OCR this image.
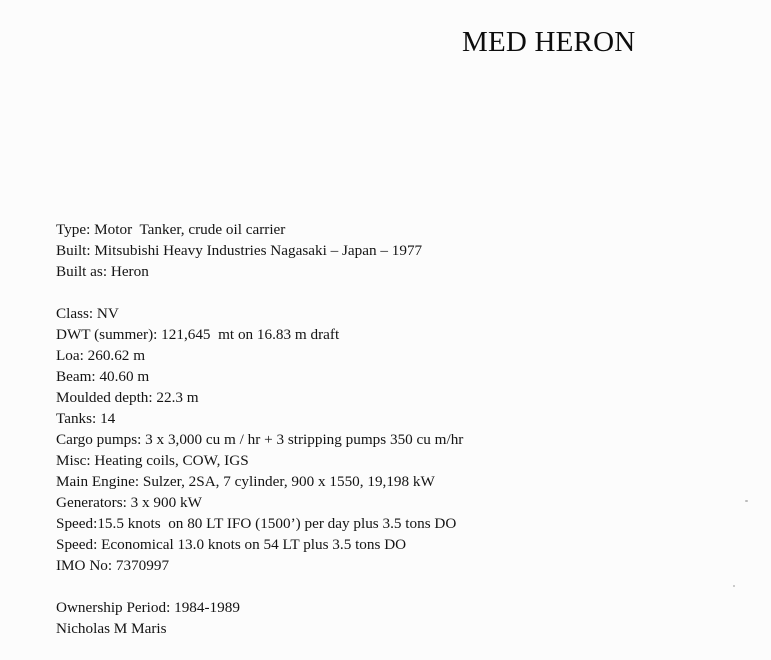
MED HERON
Type: Motor  Tanker, crude oil carrier
Built: Mitsubishi Heavy Industries Nagasaki – Japan – 1977
Built as: Heron
Class: NV
DWT (summer): 121,645  mt on 16.83 m draft
Loa: 260.62 m
Beam: 40.60 m
Moulded depth: 22.3 m
Tanks: 14
Cargo pumps: 3 x 3,000 cu m / hr + 3 stripping pumps 350 cu m/hr
Misc: Heating coils, COW, IGS
Main Engine: Sulzer, 2SA, 7 cylinder, 900 x 1550, 19,198 kW
Generators: 3 x 900 kW
Speed:15.5 knots  on 80 LT IFO (1500’) per day plus 3.5 tons DO
Speed: Economical 13.0 knots on 54 LT plus 3.5 tons DO
IMO No: 7370997
Ownership Period: 1984-1989
Nicholas M Maris
